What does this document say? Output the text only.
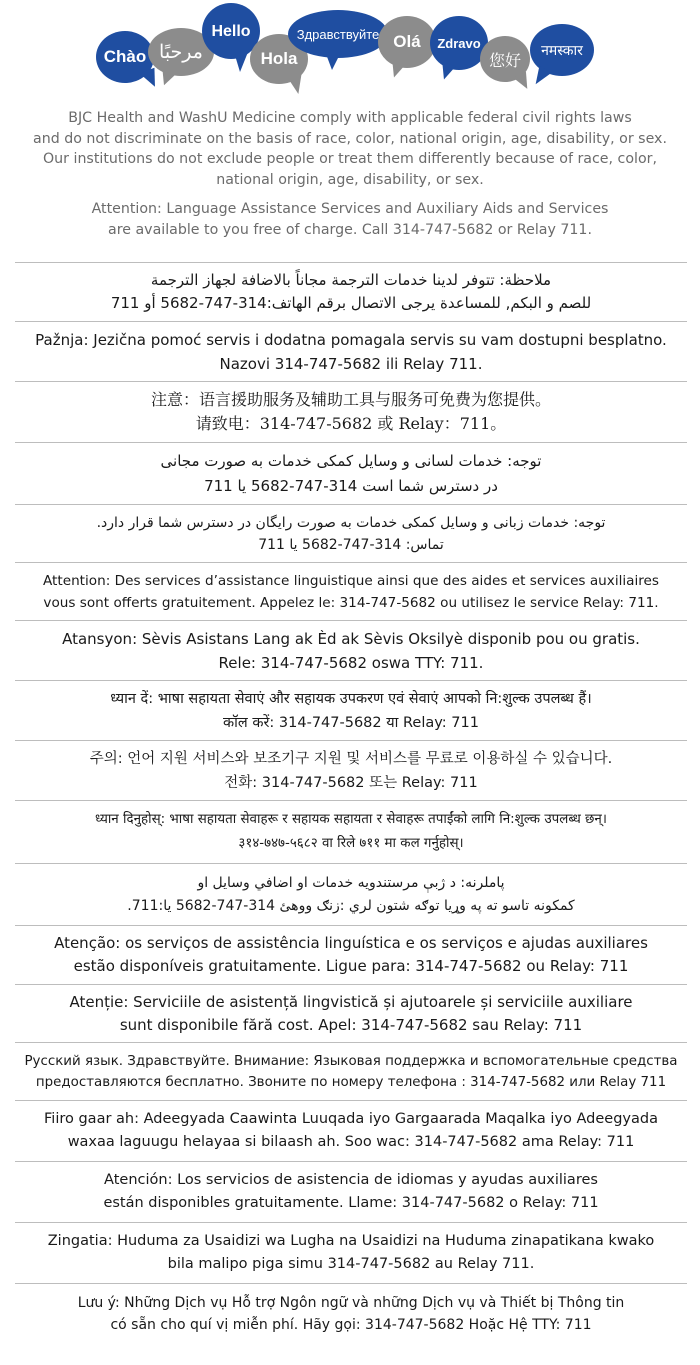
Chào مرحبًا
Hello
Hola
Здравствуйте Olá Zdravo
您好
नमस्कार
BJC Health and WashU Medicine comply with applicable federal civil rights laws
and do not discriminate on the basis of race, color, national origin, age, disability, or sex.
Our institutions do not exclude people or treat them differently because of race, color,
national origin, age, disability, or sex.
Attention: Language Assistance Services and Auxiliary Aids and Services
are available to you free of charge. Call 314-747-5682 or Relay 711.
ملاحظة: تتوفر لدينا خدمات الترجمة مجاناً بالاضافة لجهاز الترجمة
للصم و البكم, للمساعدة يرجى الاتصال برقم الهاتف:314-747-5682 أو 711
Pažnja: Jezična pomoć servis i dodatna pomagala servis su vam dostupni besplatno.
Nazovi 314-747-5682 ili Relay 711.
注意：语言援助服务及辅助工具与服务可免费为您提供。
请致电：314-747-5682 或 Relay：711。
توجه: خدمات لسانی و وسایل کمکی خدمات به صورت مجانی
در دسترس شما است 314-747-5682 یا 711
توجه: خدمات زبانی و وسایل کمکی خدمات به صورت رایگان در دسترس شما قرار دارد.
تماس: 314-747-5682 یا 711
Attention: Des services d’assistance linguistique ainsi que des aides et services auxiliaires
vous sont offerts gratuitement. Appelez le: 314-747-5682 ou utilisez le service Relay: 711.
Atansyon: Sèvis Asistans Lang ak Èd ak Sèvis Oksilyè disponib pou ou gratis.
Rele: 314-747-5682 oswa TTY: 711.
ध्यान दें: भाषा सहायता सेवाएं और सहायक उपकरण एवं सेवाएं आपको नि:शुल्क उपलब्ध हैं।
कॉल करें: 314-747-5682 या Relay: 711
주의: 언어 지원 서비스와 보조기구 지원 및 서비스를 무료로 이용하실 수 있습니다.
전화: 314-747-5682 또는 Relay: 711
ध्यान दिनुहोस्: भाषा सहायता सेवाहरू र सहायक सहायता र सेवाहरू तपाईंको लागि नि:शुल्क उपलब्ध छन्।
३१४-७४७-५६८२ वा रिले ७११ मा कल गर्नुहोस्।
پاملرنه: د ژبې مرستندويه خدمات او اضافي وسايل او
کمکونه تاسو ته په وړيا توګه شتون لري :زنګ ووهئ 314-747-5682 يا:711.
Atenção: os serviços de assistência linguística e os serviços e ajudas auxiliares
estão disponíveis gratuitamente. Ligue para: 314-747-5682 ou Relay: 711
Atenție: Serviciile de asistență lingvistică și ajutoarele și serviciile auxiliare
sunt disponibile fără cost. Apel: 314-747-5682 sau Relay: 711
Русский язык. Здравствуйте. Внимание: Языковая поддержка и вспомогательные средства
предоставляются бесплатно. Звоните по номеру телефона : 314-747-5682 или Relay 711
Fiiro gaar ah: Adeegyada Caawinta Luuqada iyo Gargaarada Maqalka iyo Adeegyada
waxaa laguugu helayaa si bilaash ah. Soo wac: 314-747-5682 ama Relay: 711
Atención: Los servicios de asistencia de idiomas y ayudas auxiliares
están disponibles gratuitamente. Llame: 314-747-5682 o Relay: 711
Zingatia: Huduma za Usaidizi wa Lugha na Usaidizi na Huduma zinapatikana kwako
bila malipo piga simu 314-747-5682 au Relay 711.
Lưu ý: Những Dịch vụ Hỗ trợ Ngôn ngữ và những Dịch vụ và Thiết bị Thông tin
có sẵn cho quí vị miễn phí. Hãy gọi: 314-747-5682 Hoặc Hệ TTY: 711
